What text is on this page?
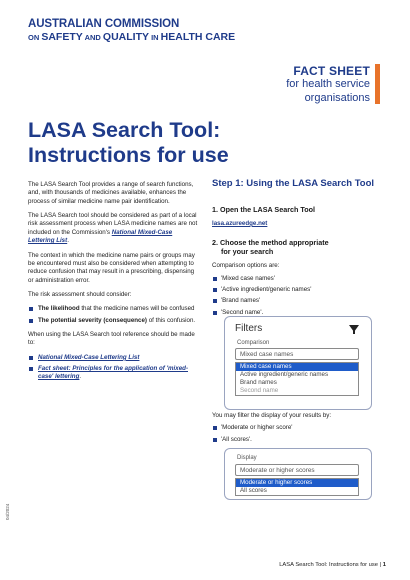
AUSTRALIAN COMMISSION
ON SAFETY AND QUALITY IN HEALTH CARE
FACT SHEET
for health service
organisations
LASA Search Tool:
Instructions for use

The LASA Search Tool provides a range of search functions, and, with thousands of medicines available, enhances the process of similar medicine name pair identification.

The LASA Search tool should be considered as part of a local risk assessment process when LASA medicine names are not included on the Commission's National Mixed-Case Lettering List.

The context in which the medicine name pairs or groups may be encountered must also be considered when attempting to reduce confusion that may result in a prescribing, dispensing or administration error.

The risk assessment should consider:

The likelihood that the medicine names will be confused
The potential severity (consequence) of this confusion.

When using the LASA Search tool reference should be made to:

National Mixed-Case Lettering List
Fact sheet: Principles for the application of 'mixed-case' lettering.
Step 1: Using the LASA Search Tool
1. Open the LASA Search Tool
lasa.azureedge.net
2. Choose the method appropriate
for your search
Comparison options are:
'Mixed case names'
'Active ingredient/generic names'
'Brand names'
'Second name'.
Filters
Comparison
Mixed case names
Mixed case names
Active ingredient/generic names
Brand names
Second name
You may filter the display of your results by:
'Moderate or higher score'
'All scores'.
Display
Moderate or higher scores
Moderate or higher scores
All scores
LASA Search Tool: Instructions for use | 1
04/2024
